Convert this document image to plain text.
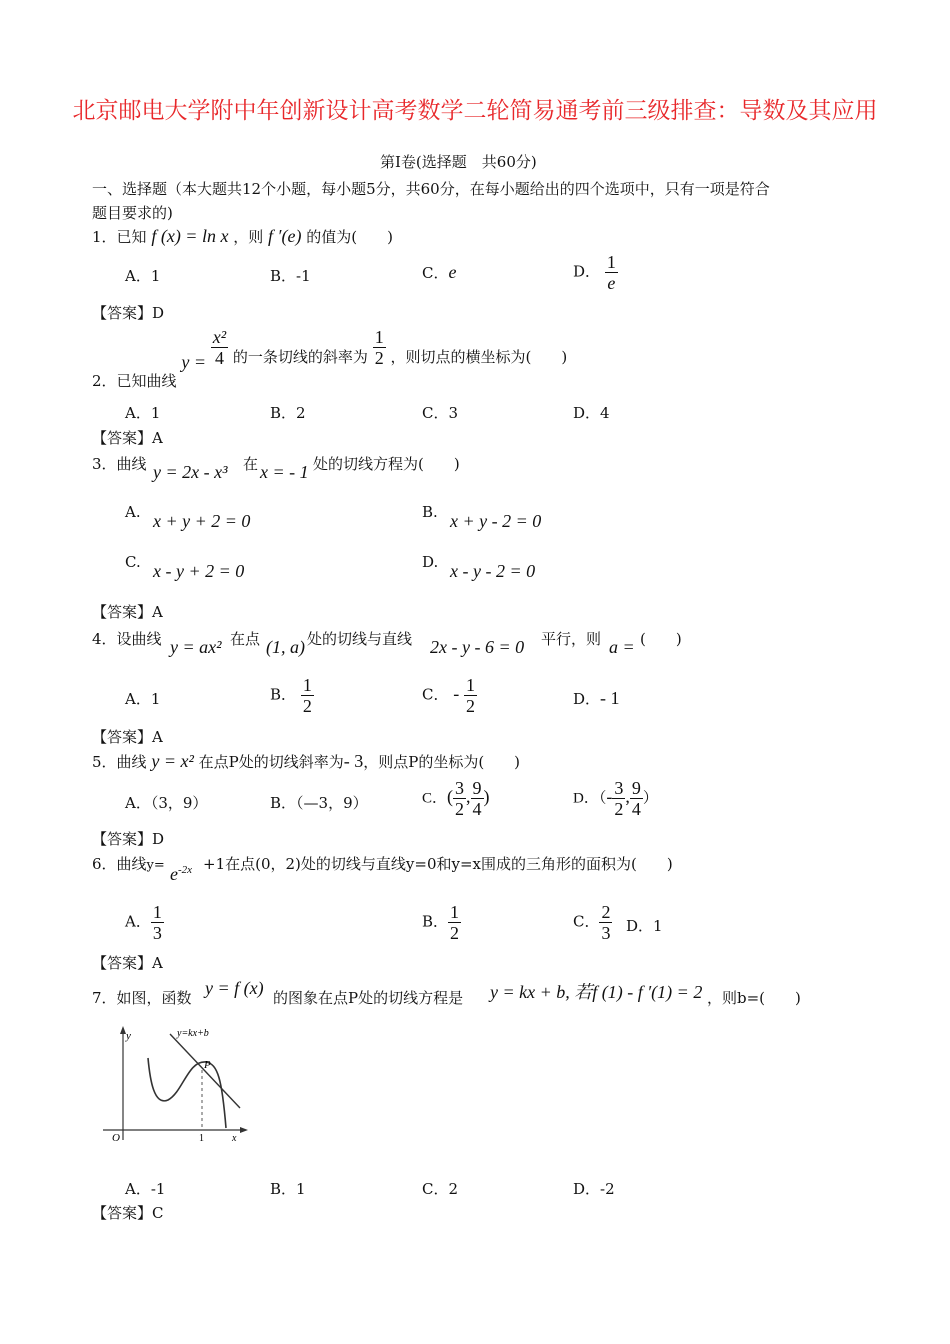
北京邮电大学附中年创新设计高考数学二轮简易通考前三级排查：导数及其应用
第Ⅰ卷(选择题　共60分)
一、选择题（本大题共12个小题，每小题5分，共60分，在每小题给出的四个选项中，只有一项是符合
题目要求的)
1．已知 f (x) = ln x ，则 f ′(e) 的值为(　　)
A．1	B．-1	C．e	D． $\frac{1}{e}$
【答案】D
2．已知曲线 $y = \frac{\text{x²}}{4}$ 的一条切线的斜率为 $\frac{1}{2}$ ，则切点的横坐标为(　　)
A．1	B．2	C．3	D．4
【答案】A
3．曲线 y = 2x - x³ 在 x = - 1 处的切线方程为(　　)
A. x + y + 2 = 0	B. x + y - 2 = 0
C. x - y + 2 = 0	D. x - y - 2 = 0
【答案】A
4．设曲线 y = ax² 在点 (1, a) 处的切线与直线 2x - y - 6 = 0 平行，则 a = (　　)
A．1	B． $\frac{1}{2}$	C． - $\frac{1}{2}$	D．- 1
【答案】A
5．曲线 y = x² 在点P处的切线斜率为- 3，则点P的坐标为(　　)
A．（3，9）	B．（—3，9）	C．( $\frac{3}{2}$ , $\frac{9}{4}$ )	D．（- $\frac{3}{2}$ , $\frac{9}{4}$ ）
【答案】D
6．曲线$y= e^{-2x} +1$在点(0，2)处的切线与直线y=0和y=x围成的三角形的面积为(　　)
A． $\frac{1}{3}$	B． $\frac{1}{2}$	C． $\frac{2}{3}$ D．1
【答案】A
7．如图，函数 y = f (x) 的图象在点P处的切线方程是 y = kx + b, 若f (1) - f ′(1) = 2 ，则b=(　　)
y	y=kx+b
P
O	1	x
A．-1	B．1	C．2	D．-2
【答案】C
